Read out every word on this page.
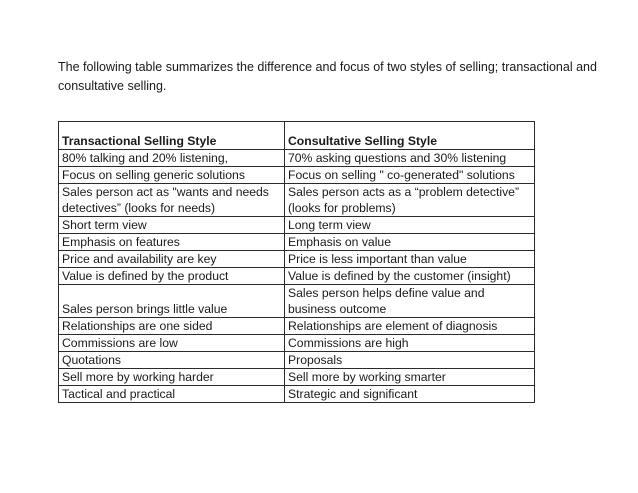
The following table summarizes the difference and focus of two styles of selling; transactional and consultative selling.

Transactional Selling Style	Consultative Selling Style
80% talking and 20% listening,	70% asking questions and 30% listening
Focus on selling generic solutions	Focus on selling " co-generated" solutions
Sales person act as "wants and needs detectives” (looks for needs)	Sales person acts as a “problem detective” (looks for problems)
Short term view	Long term view
Emphasis on features	Emphasis on value
Price and availability are key	Price is less important than value
Value is defined by the product	Value is defined by the customer (insight)
Sales person brings little value	Sales person helps define value and business outcome
Relationships are one sided	Relationships are element of diagnosis
Commissions are low	Commissions are high
Quotations	Proposals
Sell more by working harder	Sell more by working smarter
Tactical and practical	Strategic and significant
